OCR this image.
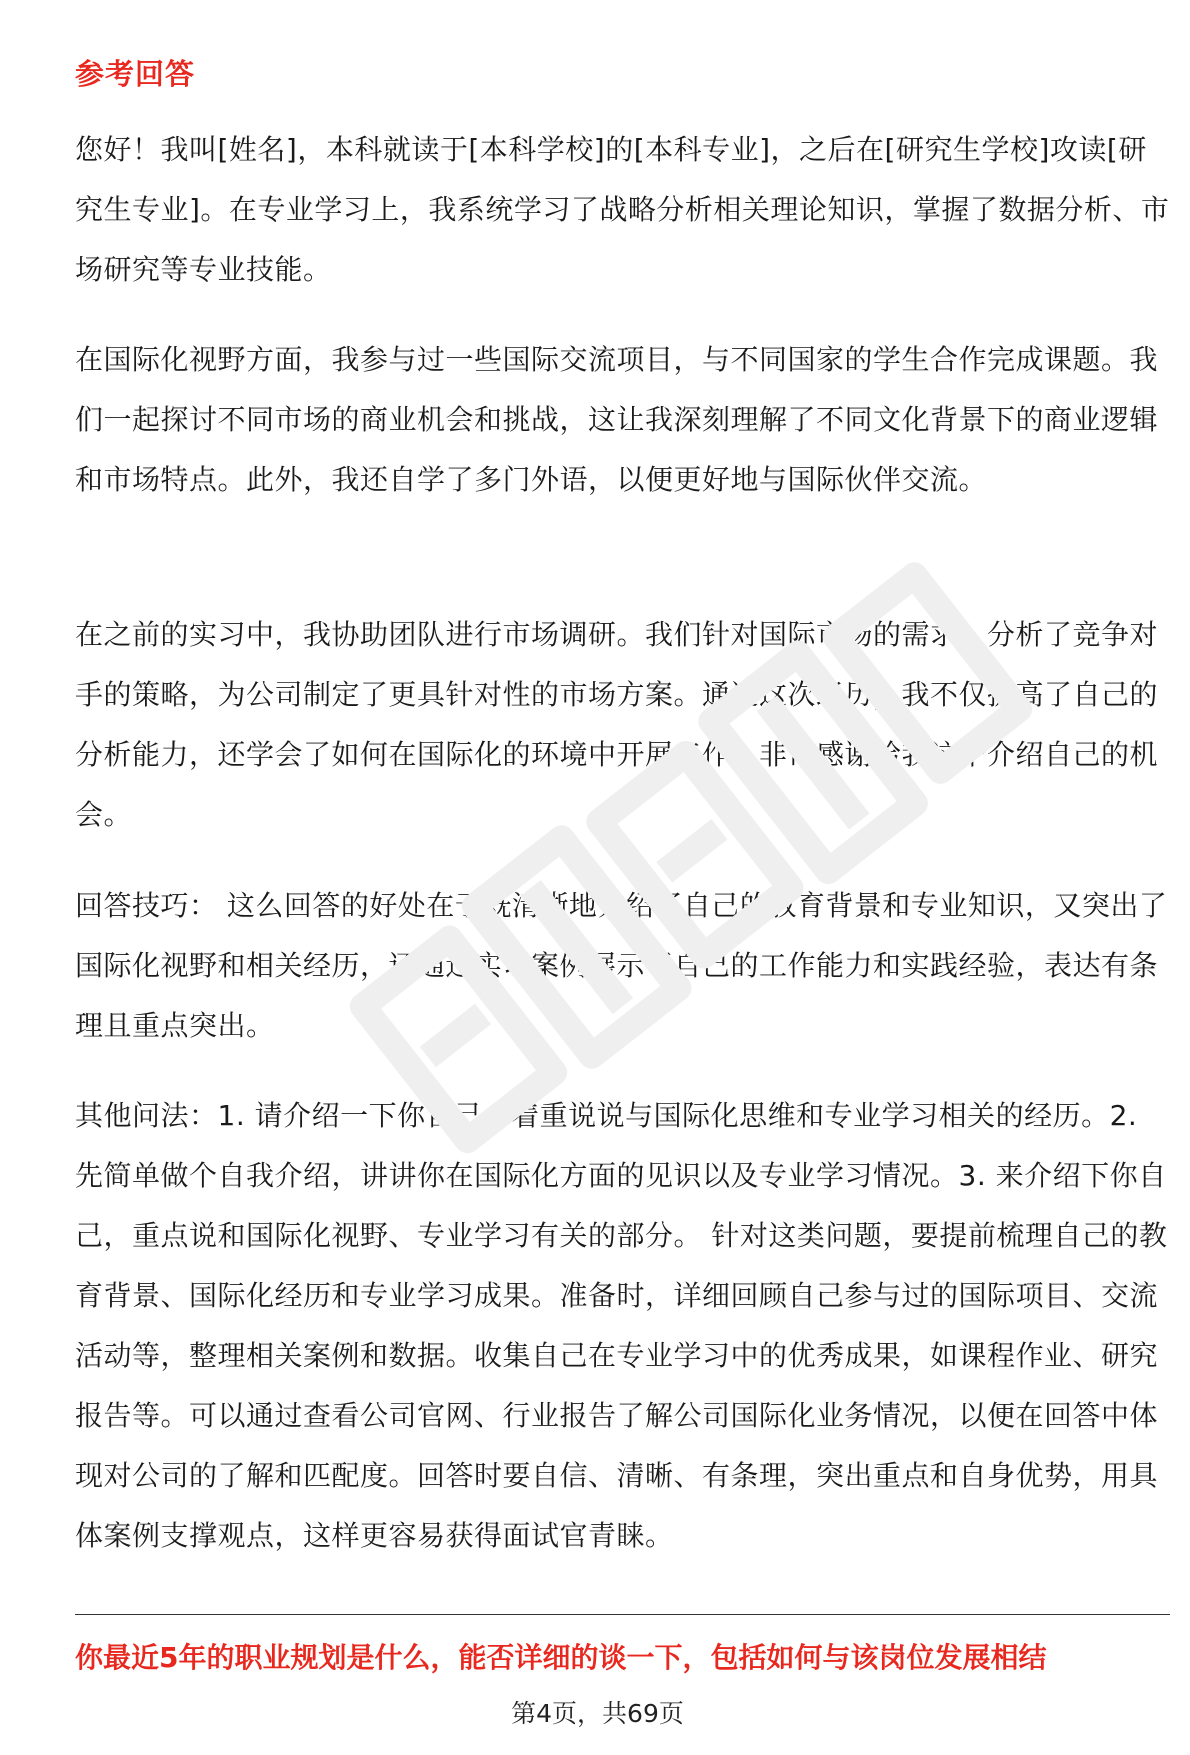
参考回答

您好！我叫[姓名]，本科就读于[本科学校]的[本科专业]，之后在[研究生学校]攻读[研究生专业]。在专业学习上，我系统学习了战略分析相关理论知识，掌握了数据分析、市场研究等专业技能。

在国际化视野方面，我参与过一些国际交流项目，与不同国家的学生合作完成课题。我们一起探讨不同市场的商业机会和挑战，这让我深刻理解了不同文化背景下的商业逻辑和市场特点。此外，我还自学了多门外语，以便更好地与国际伙伴交流。

在之前的实习中，我协助团队进行市场调研。我们针对国际市场的需求，分析了竞争对手的策略，为公司制定了更具针对性的市场方案。通过这次经历，我不仅提高了自己的分析能力，还学会了如何在国际化的环境中开展工作。非常感谢给我这个介绍自己的机会。

回答技巧： 这么回答的好处在于既清晰地介绍了自己的教育背景和专业知识，又突出了国际化视野和相关经历，还通过实习案例展示了自己的工作能力和实践经验，表达有条理且重点突出。

其他问法：1. 请介绍一下你自己，着重说说与国际化思维和专业学习相关的经历。2. 先简单做个自我介绍，讲讲你在国际化方面的见识以及专业学习情况。3. 来介绍下你自己，重点说和国际化视野、专业学习有关的部分。 针对这类问题，要提前梳理自己的教育背景、国际化经历和专业学习成果。准备时，详细回顾自己参与过的国际项目、交流活动等，整理相关案例和数据。收集自己在专业学习中的优秀成果，如课程作业、研究报告等。可以通过查看公司官网、行业报告了解公司国际化业务情况，以便在回答中体现对公司的了解和匹配度。回答时要自信、清晰、有条理，突出重点和自身优势，用具体案例支撑观点，这样更容易获得面试官青睐。

你最近5年的职业规划是什么，能否详细的谈一下，包括如何与该岗位发展相结
第4页，共69页
